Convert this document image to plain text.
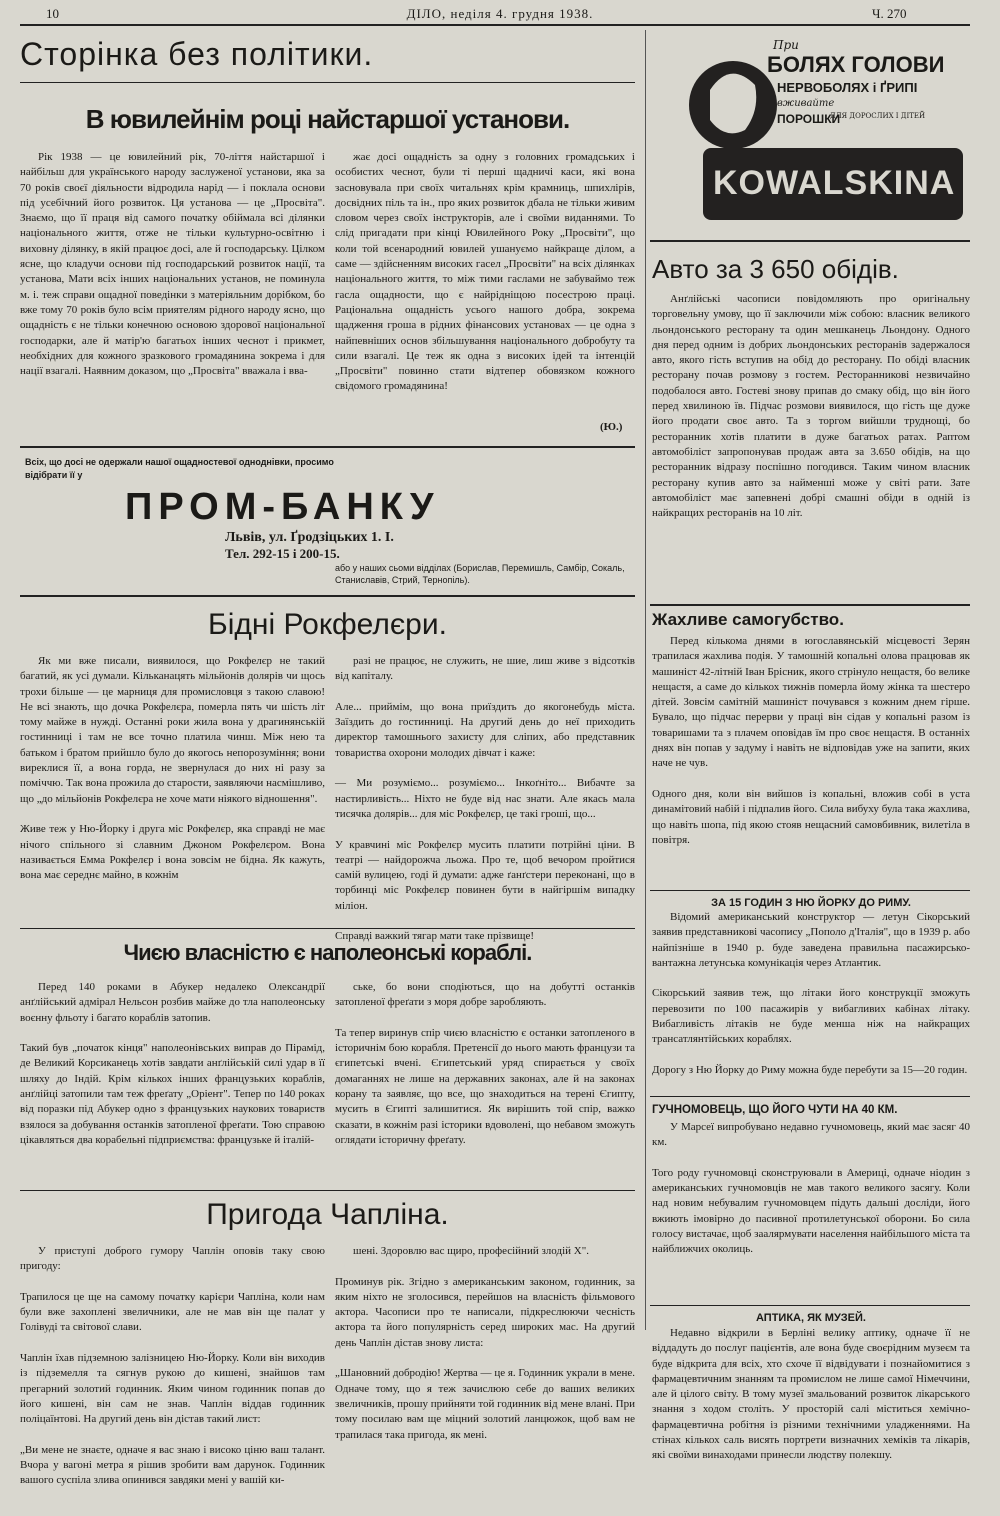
10	ДІЛО, неділя 4. грудня 1938.	Ч. 270
Сторінка без політики.
В ювилейнім році найстаршої установи.
Рік 1938 — це ювилейний рік, 70-ліття найстаршої і найбільш для українського народу заслуженої установи, яка за 70 років своєї діяльности відродила нарід — і поклала основи під усебічний його розвиток. Ця установа — це „Просвіта". Знаємо, що її праця від самого початку обіймала всі ділянки національного життя, отже не тільки культурно-освітню і виховну ділянку, в якій працює досі, але й господарську. Цілком ясне, що кладучи основи під господарський розвиток нації, та установа, Мати всіх інших національних установ, не поминула м. і. теж справи ощадної поведінки з матеріяльним дорібком, бо вже тому 70 років було всім приятелям рідного народу ясно, що ощадність є не тільки конечною основою здорової національної господарки, але й матір'ю багатьох інших чеснот і прикмет, необхідних для кожного зразкового громадянина зокрема і для нації взагалі. Наявним доказом, що „Просвіта" вважала і вва-
жає досі ощадність за одну з головних громадських і особистих чеснот, були ті перші щадничі каси, які вона засновувала при своїх читальнях крім крамниць, шпихлірів, досвідних піль та ін., про яких розвиток дбала не тільки живим словом через своїх інструкторів, але і своїми виданнями. То слід пригадати при кінці Ювилейного Року „Просвіти", що коли той всенародний ювилей ушануємо найкраще ділом, а саме — здійсненням високих гасел „Просвіти" на всіх ділянках національного життя, то між тими гаслами не забуваймо теж гасла ощадности, що є найрідніщою посестрою праці. Раціональна ощадність усього нашого добра, зокрема щадження гроша в рідних фінансових установах — це одна з найпевніших основ збільшування національного добробуту та сили взагалі. Це теж як одна з високих ідей та інтенцій „Просвіти" повинно стати відтепер обовязком кожного свідомого громадянина!
(Ю.)
При
БОЛЯХ ГОЛОВИ
НЕРВОБОЛЯХ і ҐРИПІ
вживайте
ПОРОШКИ
ДЛЯ ДОРОСЛИХ І ДІТЕЙ
KOWALSKINA
Авто за 3 650 обідів.
Анґлійські часописи повідомляють про оригінальну торговельну умову, що її заключили між собою: власник великого льондонського ресторану та один мешканець Льондону. Одного дня перед одним із добрих льондонських ресторанів задержалося авто, якого гість вступив на обід до ресторану. По обіді власник ресторану почав розмову з гостем. Ресторанникові незвичайно подобалося авто. Гостеві знову припав до смаку обід, що він його перед хвилиною їв. Підчас розмови виявилося, що гість ще дуже його продати своє авто. Та з торгом вийшли труднощі, бо ресторанник хотів платити в дуже багатьох ратах. Раптом автомобіліст запропонував продаж авта за 3.650 обідів, на що ресторанник відразу поспішно погодився. Таким чином власник ресторану купив авто за найменші може у світі рати. Зате автомобіліст має запевнені добрі смашні обіди в одній із найкращих ресторанів на 10 літ.
Жахливе самогубство.
Перед кількома днями в югославянській місцевості Зерян трапилася жахлива подія. У тамошній копальні олова працював як машиніст 42-літній Іван Брісник, якого стрінуло нещастя, бо велике нещастя, а саме до кількох тижнів померла йому жінка та шестеро дітей. Зовсім самітній машиніст почувався з кожним днем гірше. Бувало, що підчас перерви у праці він сідав у копальні разом із товаришами та з плачем оповідав їм про своє нещастя. В останніх днях він попав у задуму і навіть не відповідав уже на запити, яких наче не чув.

Одного дня, коли він вийшов із копальні, вложив собі в уста динамітовий набій і підпалив його. Сила вибуху була така жахлива, що навіть шопа, під якою стояв нещасний самовбивник, вилетіла в повітря.
ЗА 15 ГОДИН З НЮ ЙОРКУ ДО РИМУ.
Відомий американський конструктор — летун Сікорський заявив представникові часопису „Пополо д'Італія", що в 1939 р. або найпізніше в 1940 р. буде заведена правильна пасажирсько-вантажна летунська комунікація через Атлантик.

Сікорський заявив теж, що літаки його конструкції зможуть перевозити по 100 пасажирів у вибагливих кабінах літаку. Вибагливість літаків не буде менша ніж на найкращих трансатлянтійських кораблях.

Дорогу з Ню Йорку до Риму можна буде перебути за 15—20 годин.
ГУЧНОМОВЕЦЬ, ЩО ЙОГО ЧУТИ НА 40 КМ.
У Марсеї випробувано недавно гучномовець, який має засяг 40 км.

Того роду гучномовці сконструювали в Америці, одначе ніодин з американських гучномовців не мав такого великого засягу. Коли над новим небувалим гучномовцем підуть дальші досліди, його вжиють імовірно до пасивної протилетунської оборони. Бо сила голосу вистачає, щоб заалярмувати населення найбільшого міста та найближчих околиць.
АПТИКА, ЯК МУЗЕЙ.
Недавно відкрили в Берліні велику аптику, одначе її не віддадуть до послуг пацієнтів, але вона буде своєрідним музеєм та буде відкрита для всіх, хто схоче її відвідувати і познайомитися з фармацевтичним знанням та промислом не лише самої Німеччини, але й цілого світу. В тому музеї змальований розвиток лікарського знання з ходом століть. У просторій салі міститься хемічно-фармацевтична робітня із різними технічними уладженнями. На стінах кількох саль висять портрети визначних хеміків та лікарів, які своїми винаходами принесли людству полекшу.
Всіх, що досі не одержали нашої ощадностевої одноднівки, просимо відібрати її у
ПРОМ-БАНКУ
Львів, ул. Ґродзіцьких 1. І.
Тел. 292-15 і 200-15.
або у наших сьоми відділах (Борислав, Перемишль, Самбір, Сокаль, Станиславів, Стрий, Тернопіль).
Бідні Рокфелєри.
Як ми вже писали, виявилося, що Рокфелєр не такий багатий, як усі думали. Кільканацять мільйонів долярів чи щось трохи більше — це марниця для промисловця з такою славою! Не всі знають, що дочка Рокфелєра, померла пять чи шість літ тому майже в нужді. Останні роки жила вона у драгинянській гостинниці і там не все точно платила чинш. Між нею та батьком і братом прийшло було до якогось непорозуміння; вони виреклися її, а вона горда, не звернулася до них ні разу за поміччю. Так вона прожила до старости, заявляючи насмішливо, що „до мільйонів Рокфелєра не хоче мати ніякого відношення".

Живе теж у Ню-Йорку і друга міс Рокфелєр, яка справді не має нічого спільного зі славним Джоном Рокфелєром. Вона називається Емма Рокфелєр і вона зовсім не бідна. Як кажуть, вона має середнє майно, в кожнім
разі не працює, не служить, не шие, лиш живе з відсотків від капіталу.

Але... приймім, що вона приїздить до якогонебудь міста. Заїздить до гостинниці. На другий день до неї приходить директор тамошнього захисту для сліпих, або представник товариства охорони молодих дівчат і каже:

— Ми розуміємо... розуміємо... Інкоґніто... Вибачте за настирливість... Ніхто не буде від нас знати. Але якась мала тисячка долярів... для міс Рокфелєр, це такі гроші, що...

У кравчині міс Рокфелєр мусить платити потрійні ціни. В театрі — найдорожча льожа. Про те, щоб вечором пройтися самій вулицею, годі й думати: адже ґанґстери переконані, що в торбинці міс Рокфелєр повинен бути в найгіршім випадку міліон.

Справді важкий тягар мати таке прізвище!
Чиєю власністю є наполеонські кораблі.
Перед 140 роками в Абукер недалеко Олександрії анґлійський адмірал Нельсон розбив майже до тла наполеонську воєнну фльоту і багато кораблів затопив.

Такий був „початок кінця" наполеонівських виправ до Пірамід, де Великий Корсиканець хотів завдати анґлійській силі удар в її шляху до Індій. Крім кількох інших французьких кораблів, анґлійці затопили там теж фреґату „Оріент". Тепер по 140 роках від поразки під Абукер одно з французьких наукових товариств взялося за добування останків затопленої фреґати. Тою справою цікавляться два корабельні підприємства: французьке й італій-
ське, бо вони сподіються, що на добутті останків затопленої фреґати з моря добре заробляють.

Та тепер виринув спір чиєю власністю є останки затопленого в історичнім бою корабля. Претенсії до нього мають французи та єгипетські вчені. Єгипетський уряд спирається у своїх домаганнях не лише на державних законах, але й на законах корану та заявляє, що все, що знаходиться на терені Єгипту, мусить в Єгипті залишитися. Як вирішить той спір, важко сказати, в кожнім разі історики вдоволені, що небавом зможуть оглядати історичну фреґату.
Пригода Чапліна.
У приступі доброго гумору Чаплін оповів таку свою пригоду:

Трапилося це ще на самому початку карієри Чапліна, коли нам були вже захоплені звеличники, але не мав він ще палат у Голівуді та світової слави.

Чаплін їхав підземною залізницею Ню-Йорку. Коли він виходив із підземелля та сягнув рукою до кишені, знайшов там прегарний золотий годинник. Яким чином годинник попав до його кишені, він сам не знав. Чаплін віддав годинник поліцаїнтові. На другий день він дістав такий лист:

„Ви мене не знаєте, одначе я вас знаю і високо ціню ваш талант. Вчора у вагоні метра я рішив зробити вам дарунок. Годинник вашого суспіла злива опинився завдяки мені у вашій ки-
шені. Здоровлю вас щиро, професійний злодій Х".

Проминув рік. Згідно з американським законом, годинник, за яким ніхто не зголосився, перейшов на власність фільмового актора. Часописи про те написали, підкреслюючи чесність актора та його популярність серед широких мас. На другий день Чаплін дістав знову листа:

„Шановний добродію! Жертва — це я. Годинник украли в мене. Одначе тому, що я теж зачислюю себе до ваших великих звеличників, прошу прийняти той годинник від мене влані. При тому посилаю вам ще міцний золотий ланцюжок, щоб вам не трапилася така пригода, як мені.
